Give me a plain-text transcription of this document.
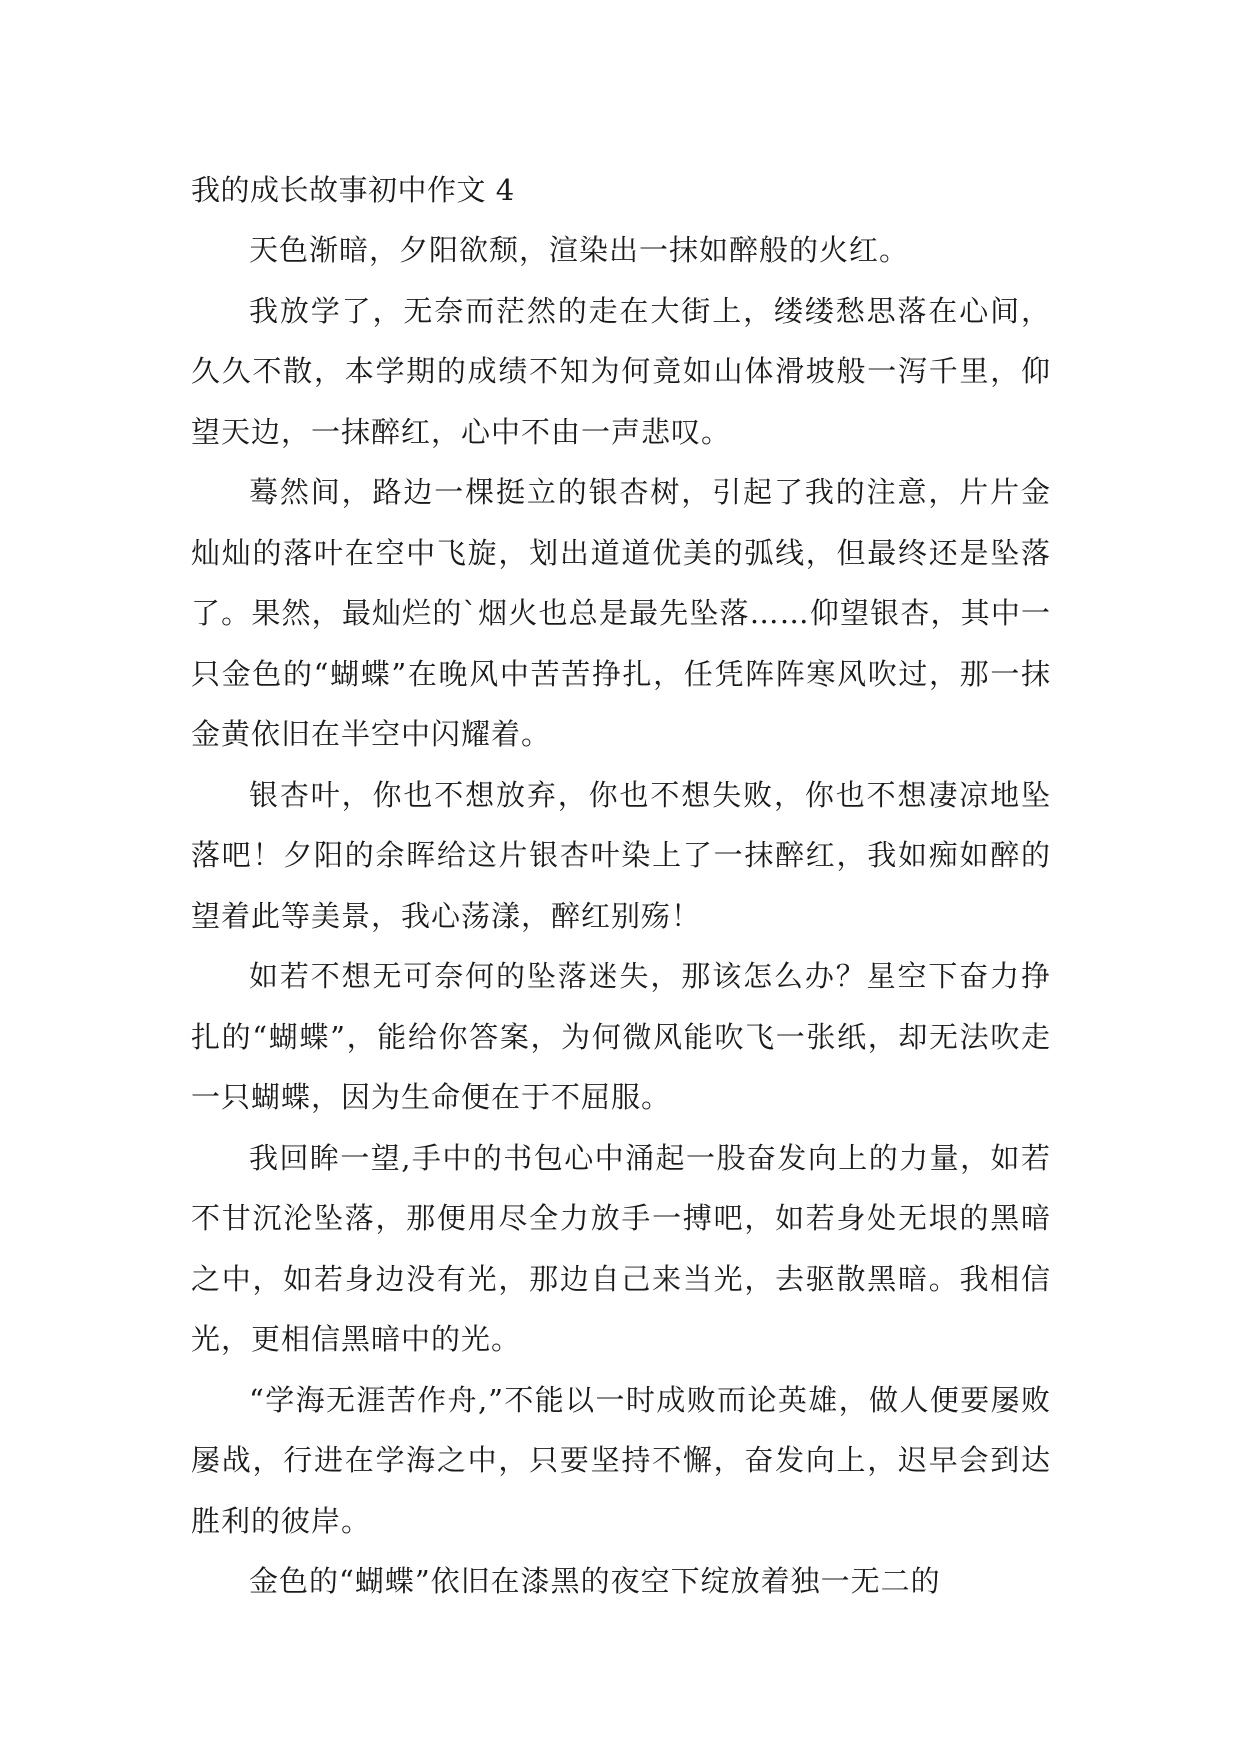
我的成长故事初中作文 4

天色渐暗，夕阳欲颓，渲染出一抹如醉般的火红。

我放学了，无奈而茫然的走在大街上，缕缕愁思落在心间，久久不散，本学期的成绩不知为何竟如山体滑坡般一泻千里，仰望天边，一抹醉红，心中不由一声悲叹。

蓦然间，路边一棵挺立的银杏树，引起了我的注意，片片金灿灿的落叶在空中飞旋，划出道道优美的弧线，但最终还是坠落了。果然，最灿烂的`烟火也总是最先坠落……仰望银杏，其中一只金色的“蝴蝶”在晚风中苦苦挣扎，任凭阵阵寒风吹过，那一抹金黄依旧在半空中闪耀着。

银杏叶，你也不想放弃，你也不想失败，你也不想凄凉地坠落吧！夕阳的余晖给这片银杏叶染上了一抹醉红，我如痴如醉的望着此等美景，我心荡漾，醉红别殇！

如若不想无可奈何的坠落迷失，那该怎么办？星空下奋力挣扎的“蝴蝶”，能给你答案，为何微风能吹飞一张纸，却无法吹走一只蝴蝶，因为生命便在于不屈服。

我回眸一望,手中的书包心中涌起一股奋发向上的力量，如若不甘沉沦坠落，那便用尽全力放手一搏吧，如若身处无垠的黑暗之中，如若身边没有光，那边自己来当光，去驱散黑暗。我相信光，更相信黑暗中的光。

“学海无涯苦作舟,”不能以一时成败而论英雄，做人便要屡败屡战，行进在学海之中，只要坚持不懈，奋发向上，迟早会到达胜利的彼岸。

金色的“蝴蝶”依旧在漆黑的夜空下绽放着独一无二的
